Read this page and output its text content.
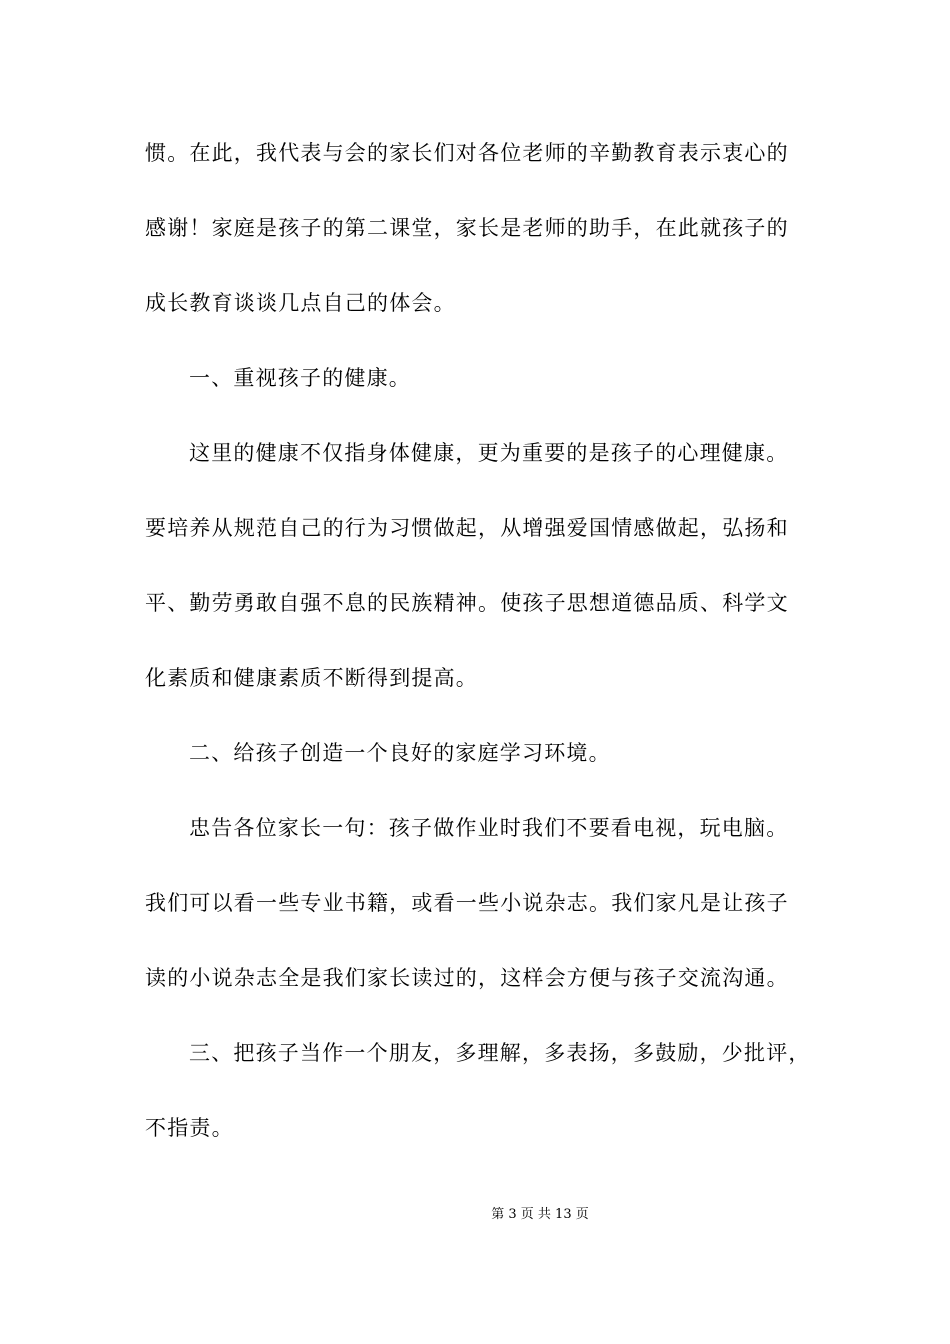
惯。在此，我代表与会的家长们对各位老师的辛勤教育表示衷心的
感谢！家庭是孩子的第二课堂，家长是老师的助手，在此就孩子的
成长教育谈谈几点自己的体会。
一、重视孩子的健康。
这里的健康不仅指身体健康，更为重要的是孩子的心理健康。
要培养从规范自己的行为习惯做起，从增强爱国情感做起，弘扬和
平、勤劳勇敢自强不息的民族精神。使孩子思想道德品质、科学文
化素质和健康素质不断得到提高。
二、给孩子创造一个良好的家庭学习环境。
忠告各位家长一句：孩子做作业时我们不要看电视，玩电脑。
我们可以看一些专业书籍，或看一些小说杂志。我们家凡是让孩子
读的小说杂志全是我们家长读过的，这样会方便与孩子交流沟通。
三、把孩子当作一个朋友，多理解，多表扬，多鼓励，少批评，
不指责。
第 3 页 共 13 页
